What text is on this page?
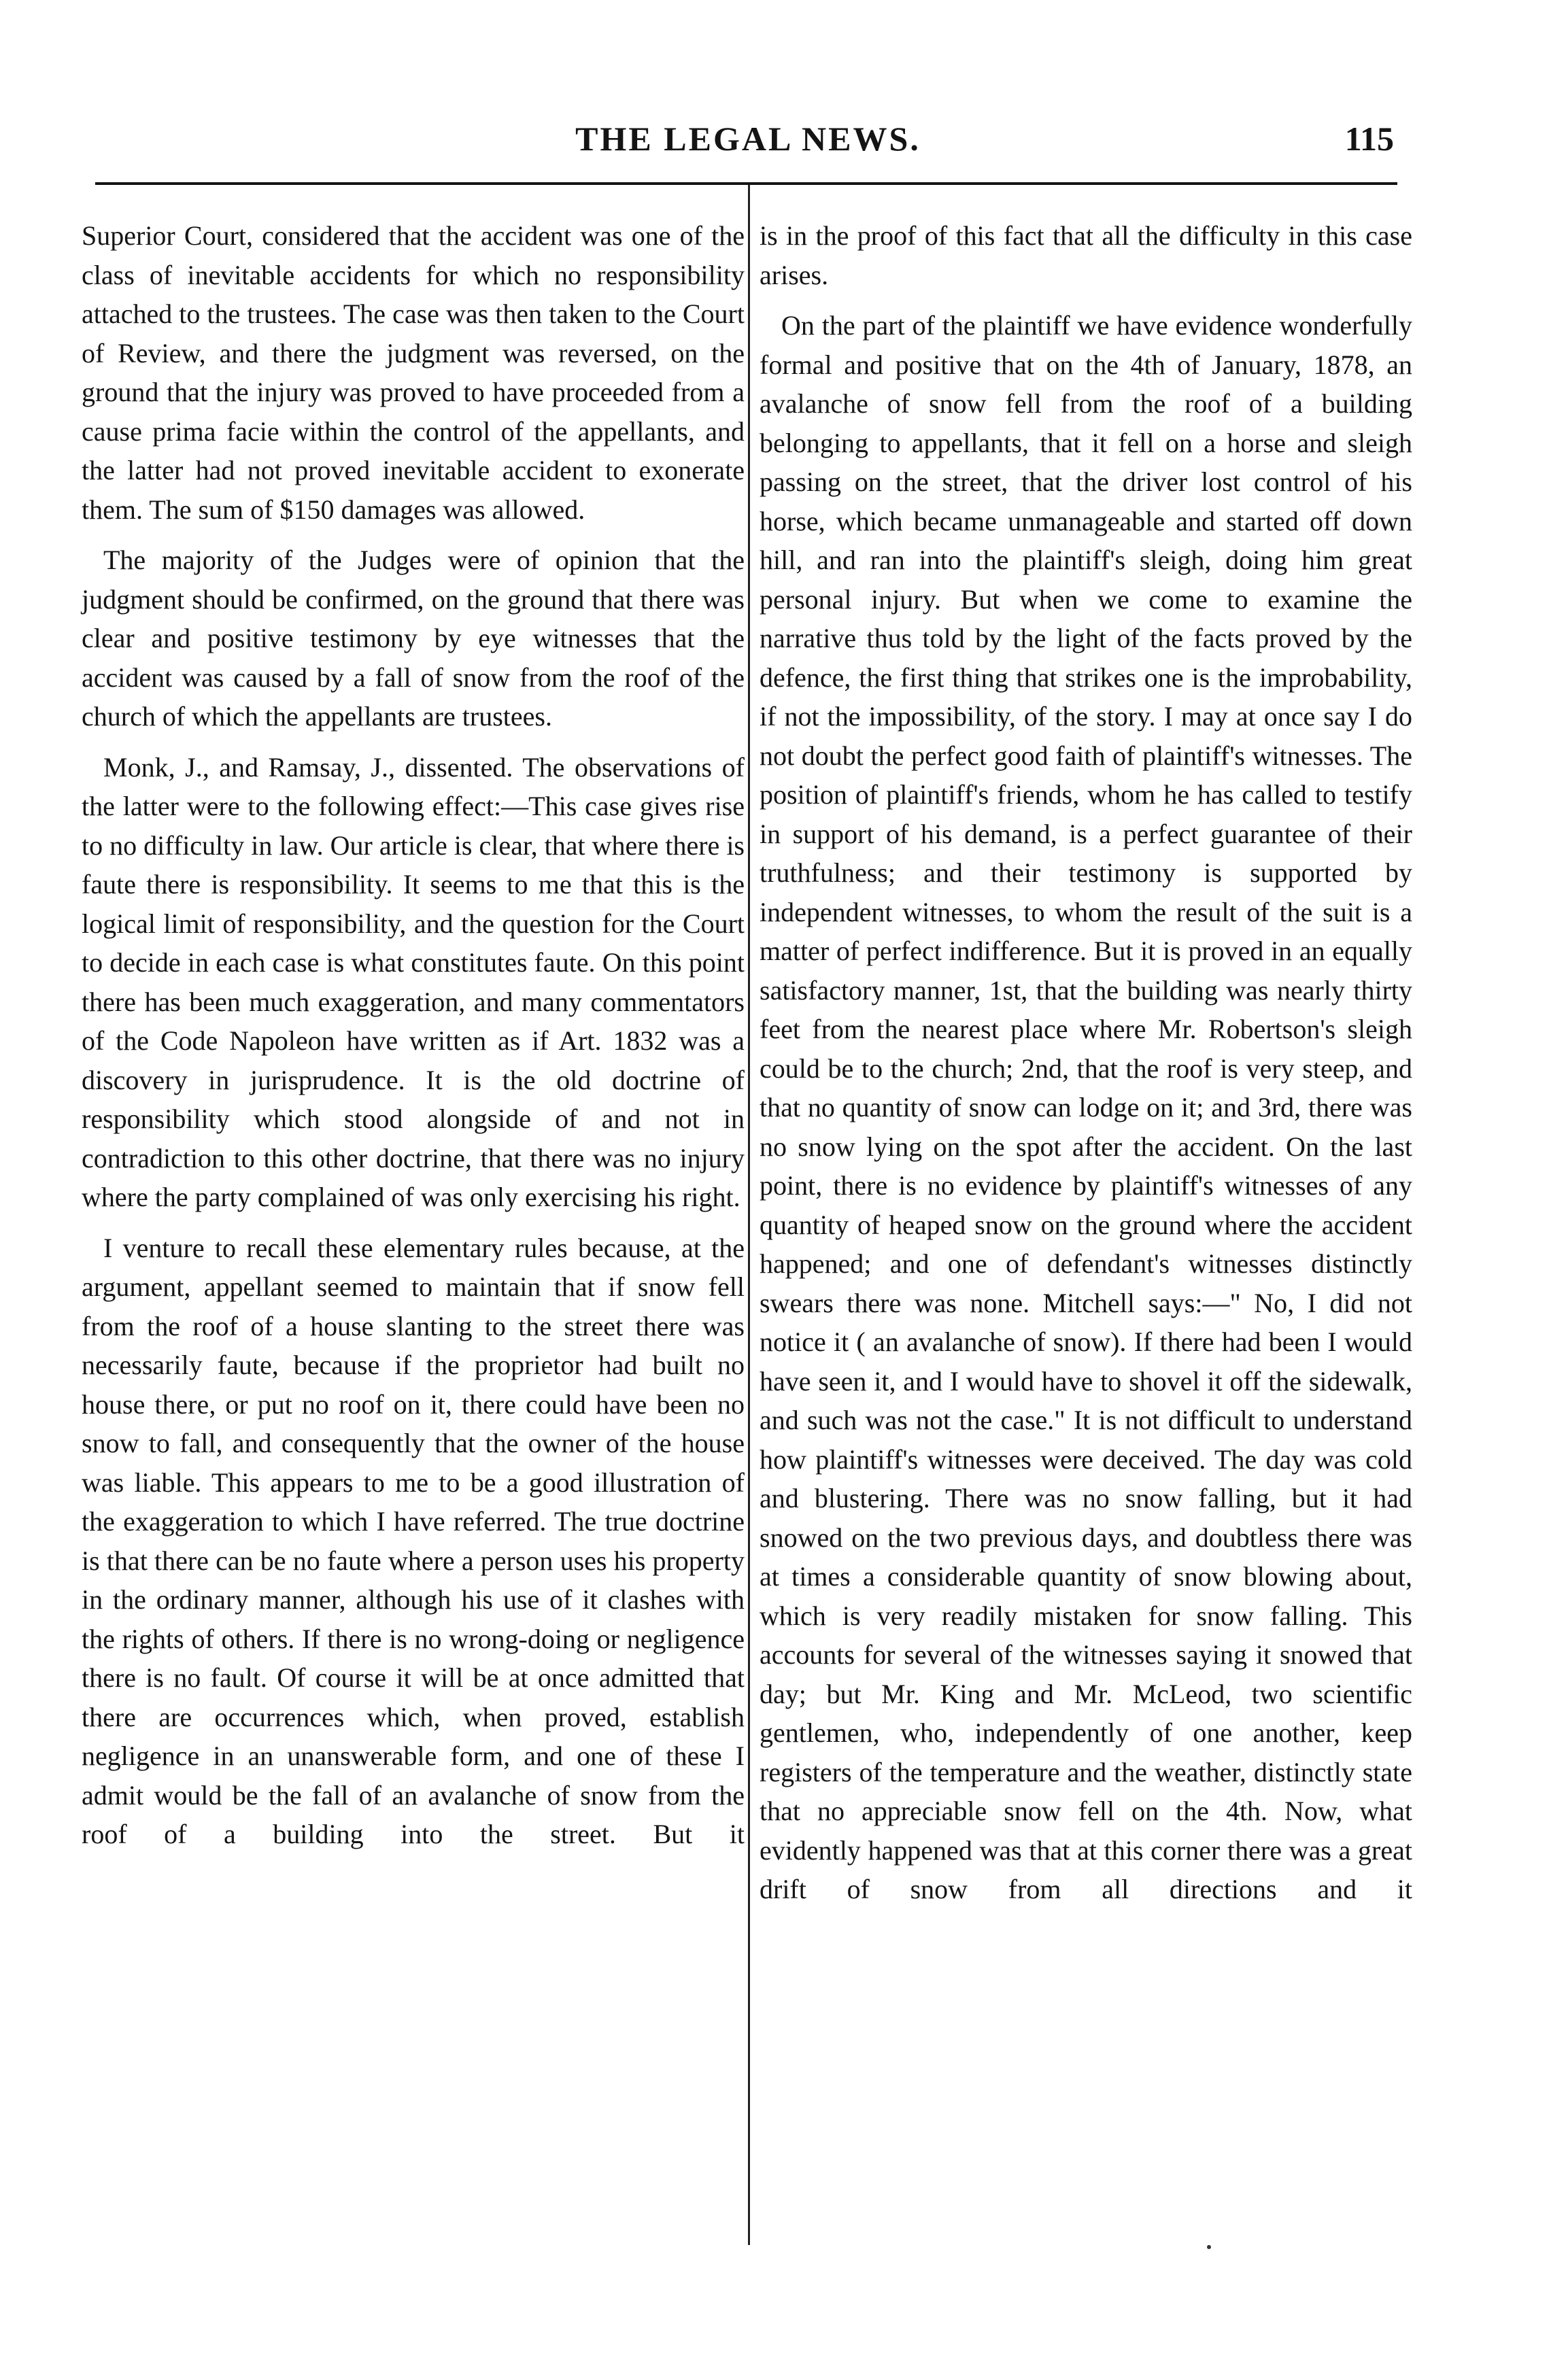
THE LEGAL NEWS.	115

Superior Court, considered that the accident was one of the class of inevitable accidents for which no responsibility attached to the trustees. The case was then taken to the Court of Review, and there the judgment was reversed, on the ground that the injury was proved to have proceeded from a cause prima facie within the control of the appellants, and the latter had not proved inevitable accident to exonerate them. The sum of $150 damages was allowed.

The majority of the Judges were of opinion that the judgment should be confirmed, on the ground that there was clear and positive testimony by eye witnesses that the accident was caused by a fall of snow from the roof of the church of which the appellants are trustees.

Monk, J., and Ramsay, J., dissented. The observations of the latter were to the following effect:—This case gives rise to no difficulty in law. Our article is clear, that where there is faute there is responsibility. It seems to me that this is the logical limit of responsibility, and the question for the Court to decide in each case is what constitutes faute. On this point there has been much exaggeration, and many commentators of the Code Napoleon have written as if Art. 1832 was a discovery in jurisprudence. It is the old doctrine of responsibility which stood alongside of and not in contradiction to this other doctrine, that there was no injury where the party complained of was only exercising his right.

I venture to recall these elementary rules because, at the argument, appellant seemed to maintain that if snow fell from the roof of a house slanting to the street there was necessarily faute, because if the proprietor had built no house there, or put no roof on it, there could have been no snow to fall, and consequently that the owner of the house was liable. This appears to me to be a good illustration of the exaggeration to which I have referred. The true doctrine is that there can be no faute where a person uses his property in the ordinary manner, although his use of it clashes with the rights of others. If there is no wrong-doing or negligence there is no fault. Of course it will be at once admitted that there are occurrences which, when proved, establish negligence in an unanswerable form, and one of these I admit would be the fall of an avalanche of snow from the roof of a building into the street. But it

is in the proof of this fact that all the difficulty in this case arises.

On the part of the plaintiff we have evidence wonderfully formal and positive that on the 4th of January, 1878, an avalanche of snow fell from the roof of a building belonging to appellants, that it fell on a horse and sleigh passing on the street, that the driver lost control of his horse, which became unmanageable and started off down hill, and ran into the plaintiff's sleigh, doing him great personal injury. But when we come to examine the narrative thus told by the light of the facts proved by the defence, the first thing that strikes one is the improbability, if not the impossibility, of the story. I may at once say I do not doubt the perfect good faith of plaintiff's witnesses. The position of plaintiff's friends, whom he has called to testify in support of his demand, is a perfect guarantee of their truthfulness; and their testimony is supported by independent witnesses, to whom the result of the suit is a matter of perfect indifference. But it is proved in an equally satisfactory manner, 1st, that the building was nearly thirty feet from the nearest place where Mr. Robertson's sleigh could be to the church; 2nd, that the roof is very steep, and that no quantity of snow can lodge on it; and 3rd, there was no snow lying on the spot after the accident. On the last point, there is no evidence by plaintiff's witnesses of any quantity of heaped snow on the ground where the accident happened; and one of defendant's witnesses distinctly swears there was none. Mitchell says:—" No, I did not notice it ( an avalanche of snow). If there had been I would have seen it, and I would have to shovel it off the sidewalk, and such was not the case." It is not difficult to understand how plaintiff's witnesses were deceived. The day was cold and blustering. There was no snow falling, but it had snowed on the two previous days, and doubtless there was at times a considerable quantity of snow blowing about, which is very readily mistaken for snow falling. This accounts for several of the witnesses saying it snowed that day; but Mr. King and Mr. McLeod, two scientific gentlemen, who, independently of one another, keep registers of the temperature and the weather, distinctly state that no appreciable snow fell on the 4th. Now, what evidently happened was that at this corner there was a great drift of snow from all directions and it
